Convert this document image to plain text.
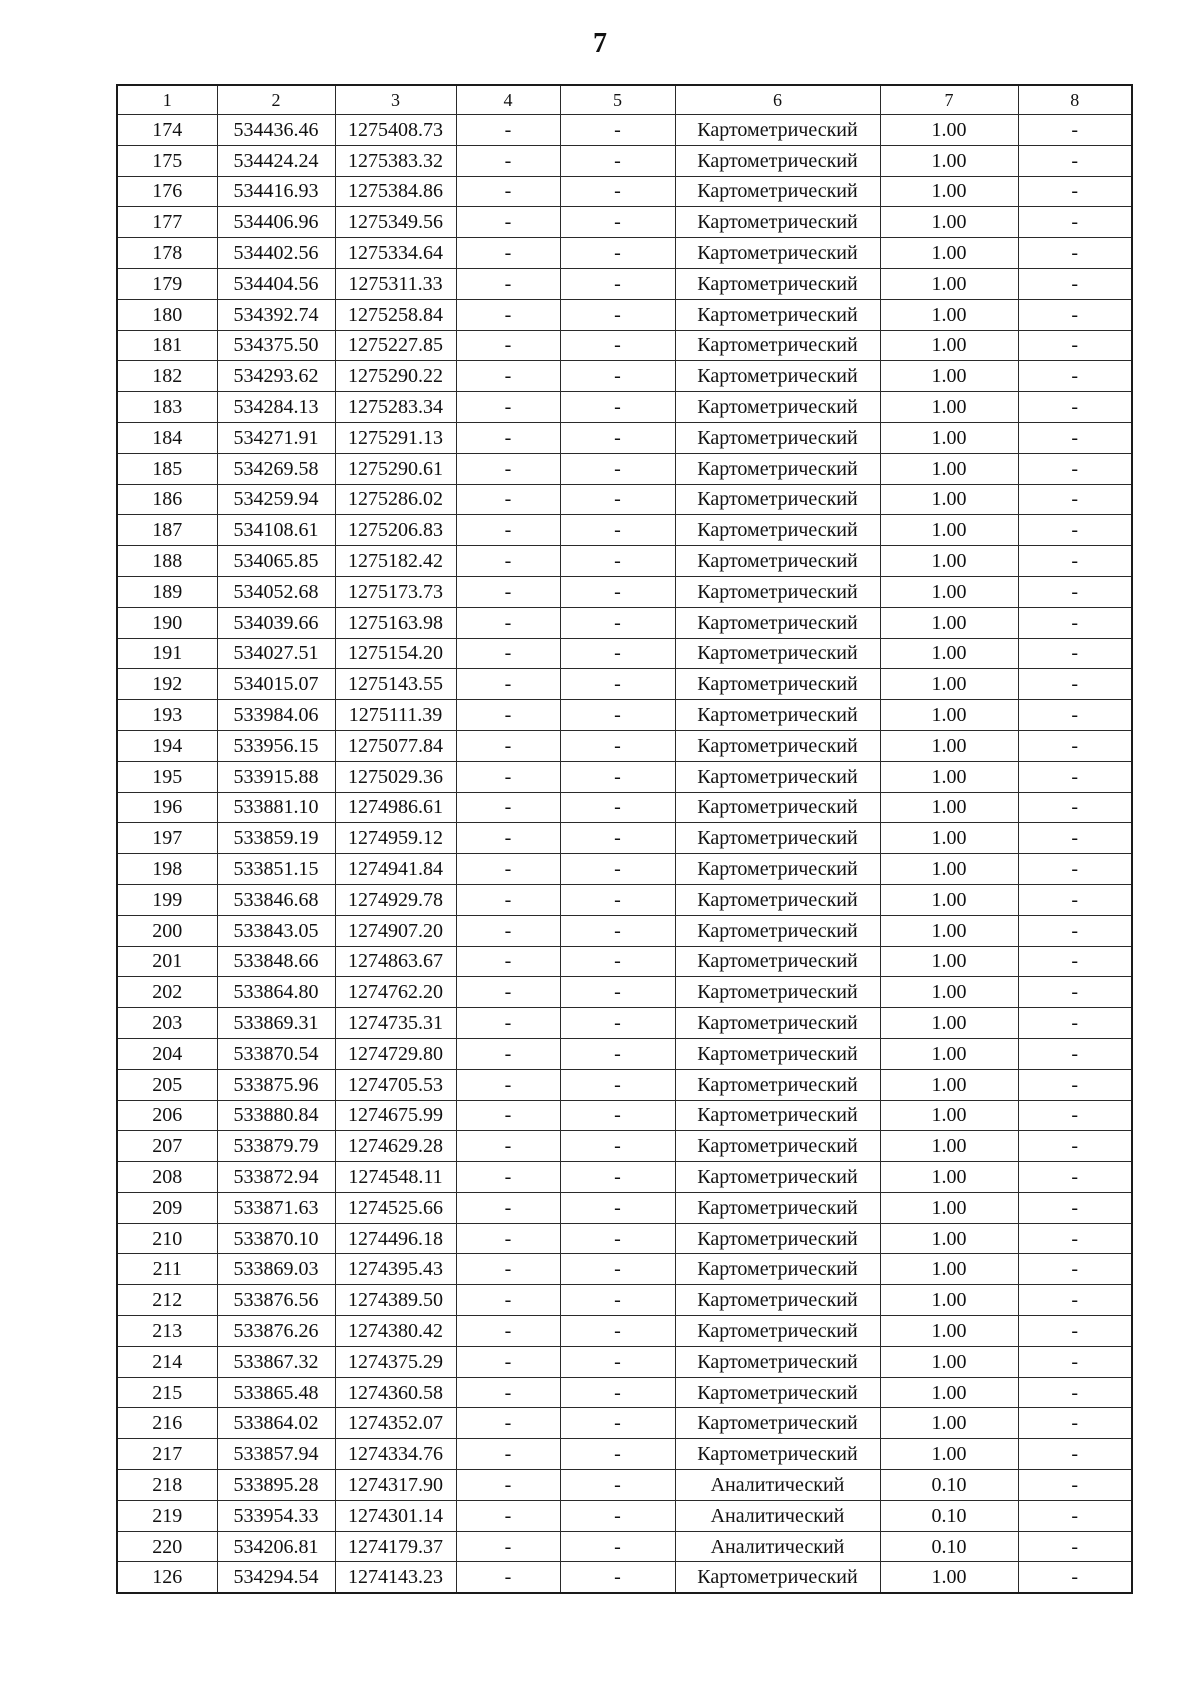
7
1	2	3	4	5	6	7	8
174	534436.46	1275408.73	-	-	Картометрический	1.00	-
175	534424.24	1275383.32	-	-	Картометрический	1.00	-
176	534416.93	1275384.86	-	-	Картометрический	1.00	-
177	534406.96	1275349.56	-	-	Картометрический	1.00	-
178	534402.56	1275334.64	-	-	Картометрический	1.00	-
179	534404.56	1275311.33	-	-	Картометрический	1.00	-
180	534392.74	1275258.84	-	-	Картометрический	1.00	-
181	534375.50	1275227.85	-	-	Картометрический	1.00	-
182	534293.62	1275290.22	-	-	Картометрический	1.00	-
183	534284.13	1275283.34	-	-	Картометрический	1.00	-
184	534271.91	1275291.13	-	-	Картометрический	1.00	-
185	534269.58	1275290.61	-	-	Картометрический	1.00	-
186	534259.94	1275286.02	-	-	Картометрический	1.00	-
187	534108.61	1275206.83	-	-	Картометрический	1.00	-
188	534065.85	1275182.42	-	-	Картометрический	1.00	-
189	534052.68	1275173.73	-	-	Картометрический	1.00	-
190	534039.66	1275163.98	-	-	Картометрический	1.00	-
191	534027.51	1275154.20	-	-	Картометрический	1.00	-
192	534015.07	1275143.55	-	-	Картометрический	1.00	-
193	533984.06	1275111.39	-	-	Картометрический	1.00	-
194	533956.15	1275077.84	-	-	Картометрический	1.00	-
195	533915.88	1275029.36	-	-	Картометрический	1.00	-
196	533881.10	1274986.61	-	-	Картометрический	1.00	-
197	533859.19	1274959.12	-	-	Картометрический	1.00	-
198	533851.15	1274941.84	-	-	Картометрический	1.00	-
199	533846.68	1274929.78	-	-	Картометрический	1.00	-
200	533843.05	1274907.20	-	-	Картометрический	1.00	-
201	533848.66	1274863.67	-	-	Картометрический	1.00	-
202	533864.80	1274762.20	-	-	Картометрический	1.00	-
203	533869.31	1274735.31	-	-	Картометрический	1.00	-
204	533870.54	1274729.80	-	-	Картометрический	1.00	-
205	533875.96	1274705.53	-	-	Картометрический	1.00	-
206	533880.84	1274675.99	-	-	Картометрический	1.00	-
207	533879.79	1274629.28	-	-	Картометрический	1.00	-
208	533872.94	1274548.11	-	-	Картометрический	1.00	-
209	533871.63	1274525.66	-	-	Картометрический	1.00	-
210	533870.10	1274496.18	-	-	Картометрический	1.00	-
211	533869.03	1274395.43	-	-	Картометрический	1.00	-
212	533876.56	1274389.50	-	-	Картометрический	1.00	-
213	533876.26	1274380.42	-	-	Картометрический	1.00	-
214	533867.32	1274375.29	-	-	Картометрический	1.00	-
215	533865.48	1274360.58	-	-	Картометрический	1.00	-
216	533864.02	1274352.07	-	-	Картометрический	1.00	-
217	533857.94	1274334.76	-	-	Картометрический	1.00	-
218	533895.28	1274317.90	-	-	Аналитический	0.10	-
219	533954.33	1274301.14	-	-	Аналитический	0.10	-
220	534206.81	1274179.37	-	-	Аналитический	0.10	-
126	534294.54	1274143.23	-	-	Картометрический	1.00	-
